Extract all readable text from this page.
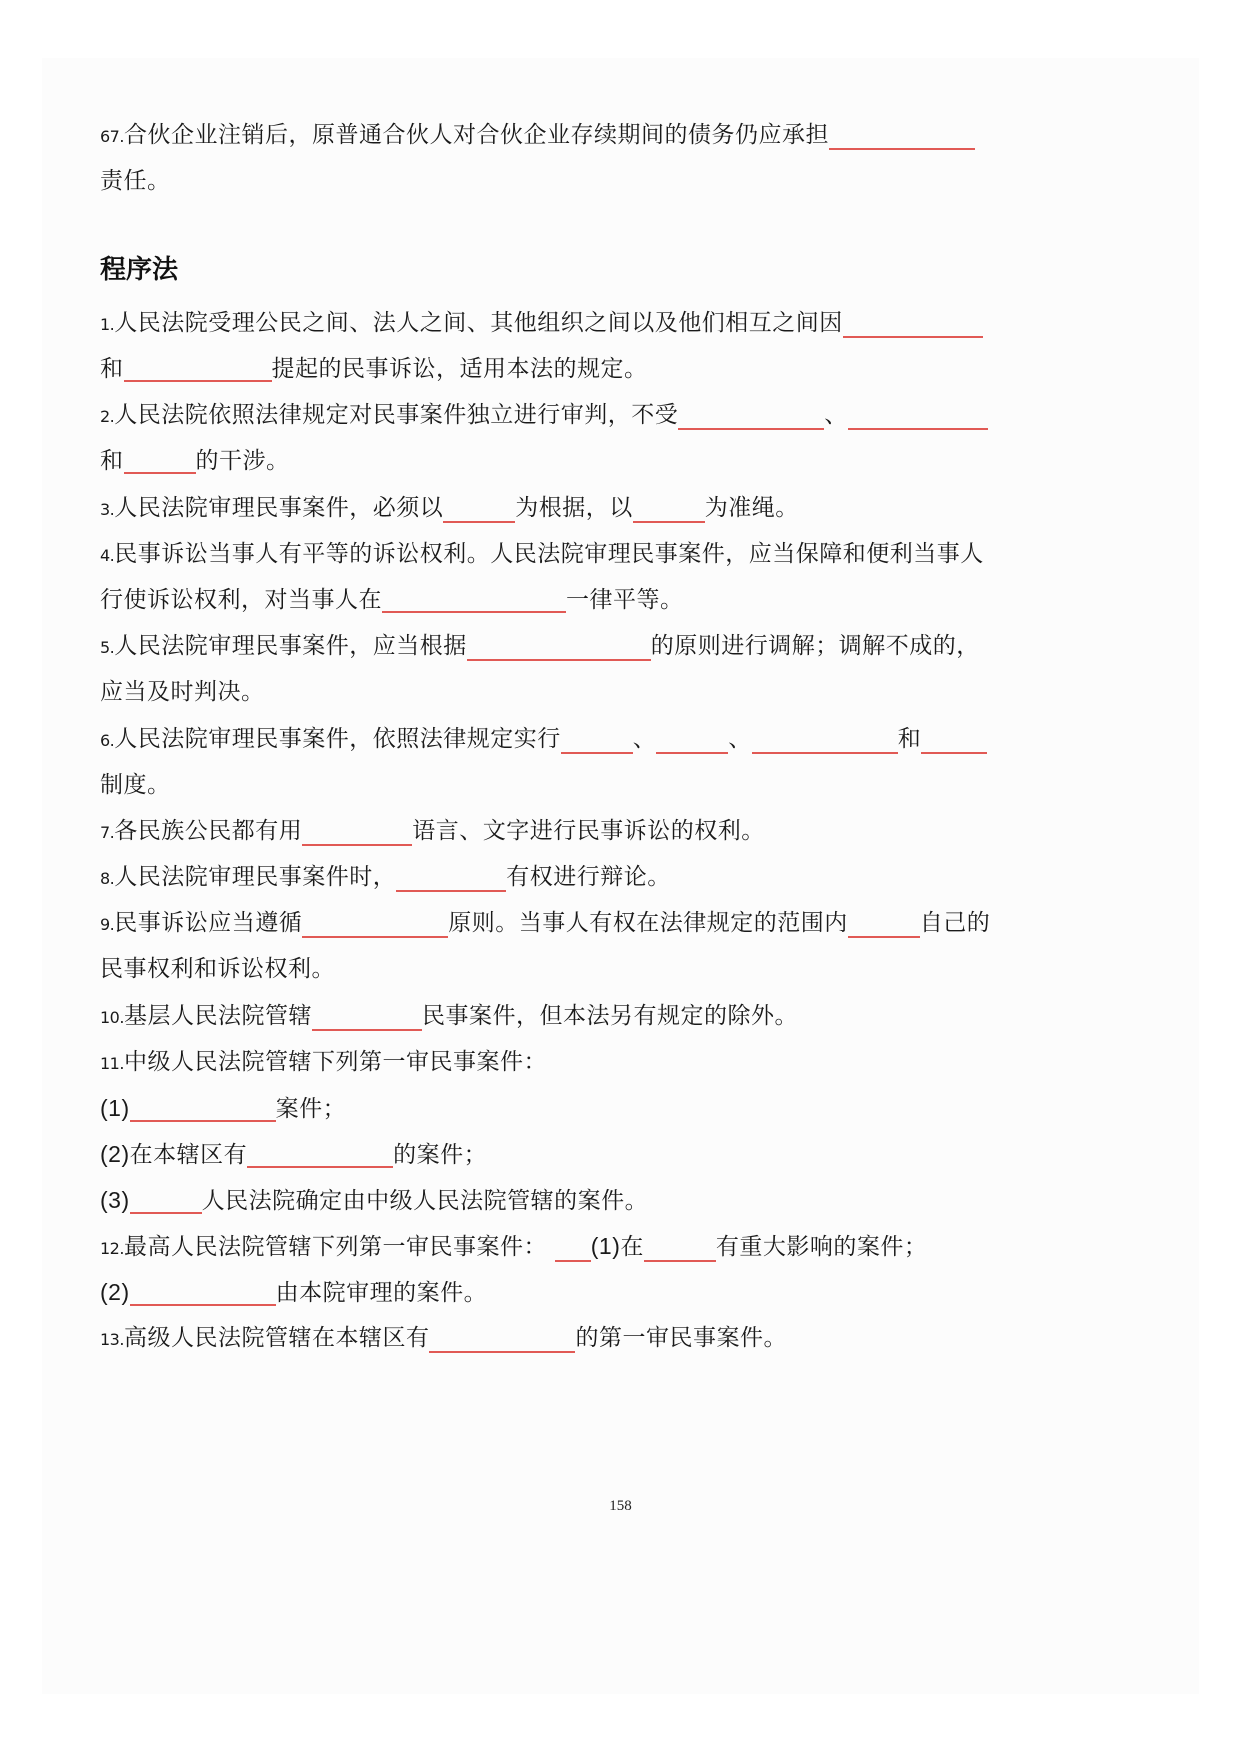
67.合伙企业注销后，原普通合伙人对合伙企业存续期间的债务仍应承担
责任。
1.人民法院受理公民之间、法人之间、其他组织之间以及他们相互之间因
和	提起的民事诉讼，适用本法的规定。
2.人民法院依照法律规定对民事案件独立进行审判，不受	、
和	的干涉。
3.人民法院审理民事案件，必须以	为根据，以	为准绳。
4.民事诉讼当事人有平等的诉讼权利。人民法院审理民事案件，应当保障和便利当事人
行使诉讼权利，对当事人在	一律平等。
5.人民法院审理民事案件，应当根据	的原则进行调解；调解不成的，
应当及时判决。
6.人民法院审理民事案件，依照法律规定实行	、	、	和
制度。
7.各民族公民都有用	语言、文字进行民事诉讼的权利。
8.人民法院审理民事案件时，	有权进行辩论。
9.民事诉讼应当遵循	原则。当事人有权在法律规定的范围内	自己的
民事权利和诉讼权利。
10.基层人民法院管辖	民事案件，但本法另有规定的除外。
11.中级人民法院管辖下列第一审民事案件：
(1)	案件；
(2)在本辖区有	的案件；
(3)	人民法院确定由中级人民法院管辖的案件。
12.最高人民法院管辖下列第一审民事案件： (1)在	有重大影响的案件；
(2)	由本院审理的案件。
13.高级人民法院管辖在本辖区有	的第一审民事案件。
程序法
158
